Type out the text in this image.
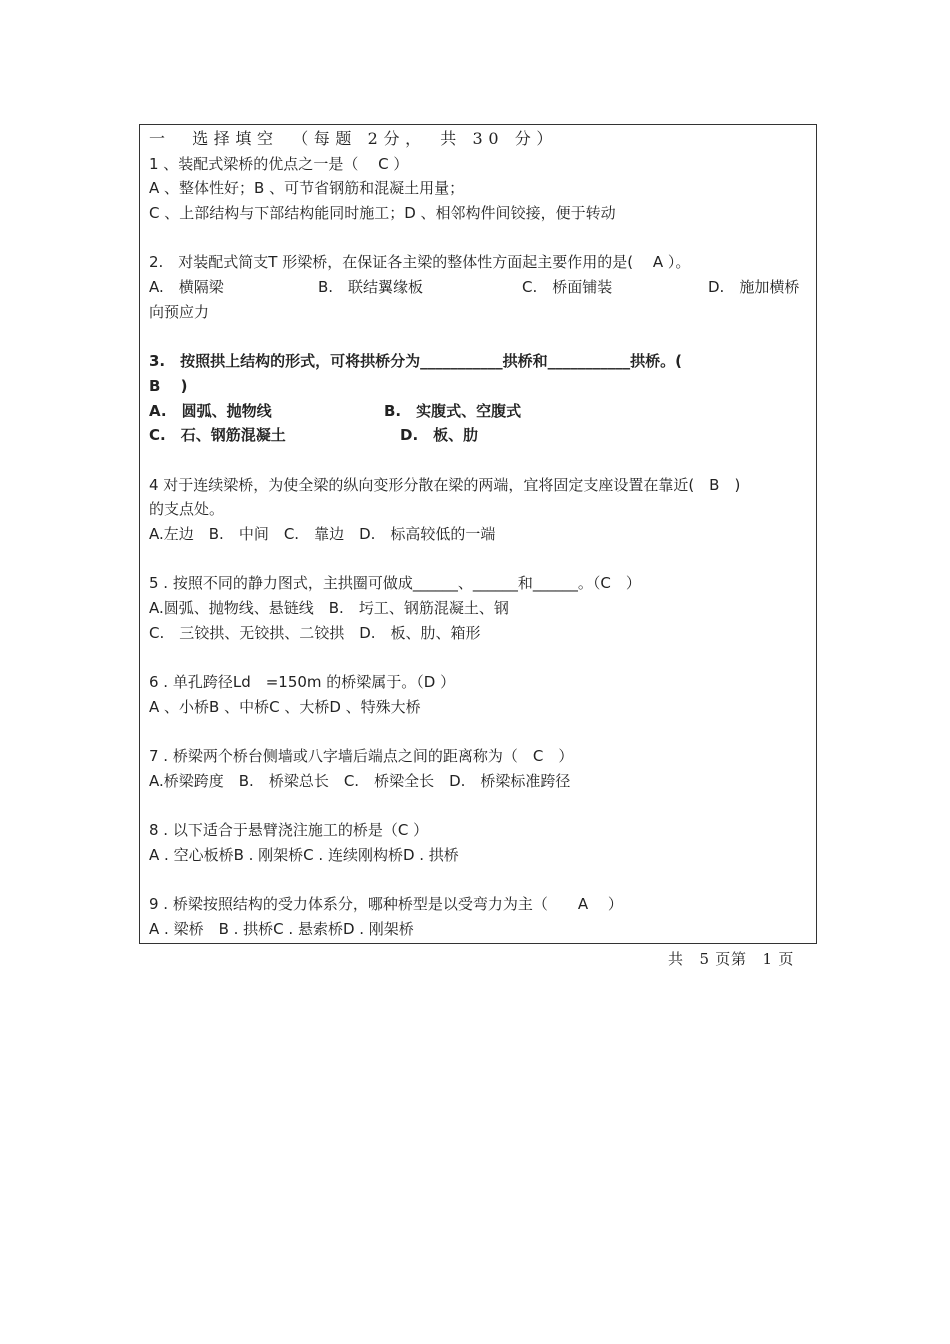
一　选择填空　（每题 2分，　共 30 分）
1 、装配式梁桥的优点之一是（　 C ）
A 、整体性好；B 、可节省钢筋和混凝土用量；
C 、上部结构与下部结构能同时施工；D 、相邻构件间铰接，便于转动
2.　对装配式简支T 形梁桥，在保证各主梁的整体性方面起主要作用的是(　 A ）。
A.　横隔梁	B.　联结翼缘板	C.　桥面铺装	D.　施加横桥
向预应力
3.　按照拱上结构的形式，可将拱桥分为___________拱桥和___________拱桥。(
B　 )
A.　圆弧、抛物线	B.　实腹式、空腹式
C.　石、钢筋混凝土	D.　板、肋
4 对于连续梁桥，为使全梁的纵向变形分散在梁的两端，宜将固定支座设置在靠近(　B　)
的支点处。
A.左边　B.　中间　C.　靠边　D.　标高较低的一端
5 . 按照不同的静力图式，主拱圈可做成______、______和______。（C　）
A.圆弧、抛物线、悬链线　B.　圬工、钢筋混凝土、钢
C.　三铰拱、无铰拱、二铰拱　D.　板、肋、箱形
6 . 单孔跨径Ld　=150m 的桥梁属于。（D ）
A 、小桥B 、中桥C 、大桥D 、特殊大桥
7 . 桥梁两个桥台侧墙或八字墙后端点之间的距离称为（　C　）
A.桥梁跨度　B.　桥梁总长　C.　桥梁全长　D.　桥梁标准跨径
8 . 以下适合于悬臂浇注施工的桥是（C ）
A . 空心板桥B . 刚架桥C . 连续刚构桥D . 拱桥
9 . 桥梁按照结构的受力体系分，哪种桥型是以受弯力为主（　　A　 ）
A . 梁桥　B . 拱桥C . 悬索桥D . 刚架桥
共　5 页第　1 页
